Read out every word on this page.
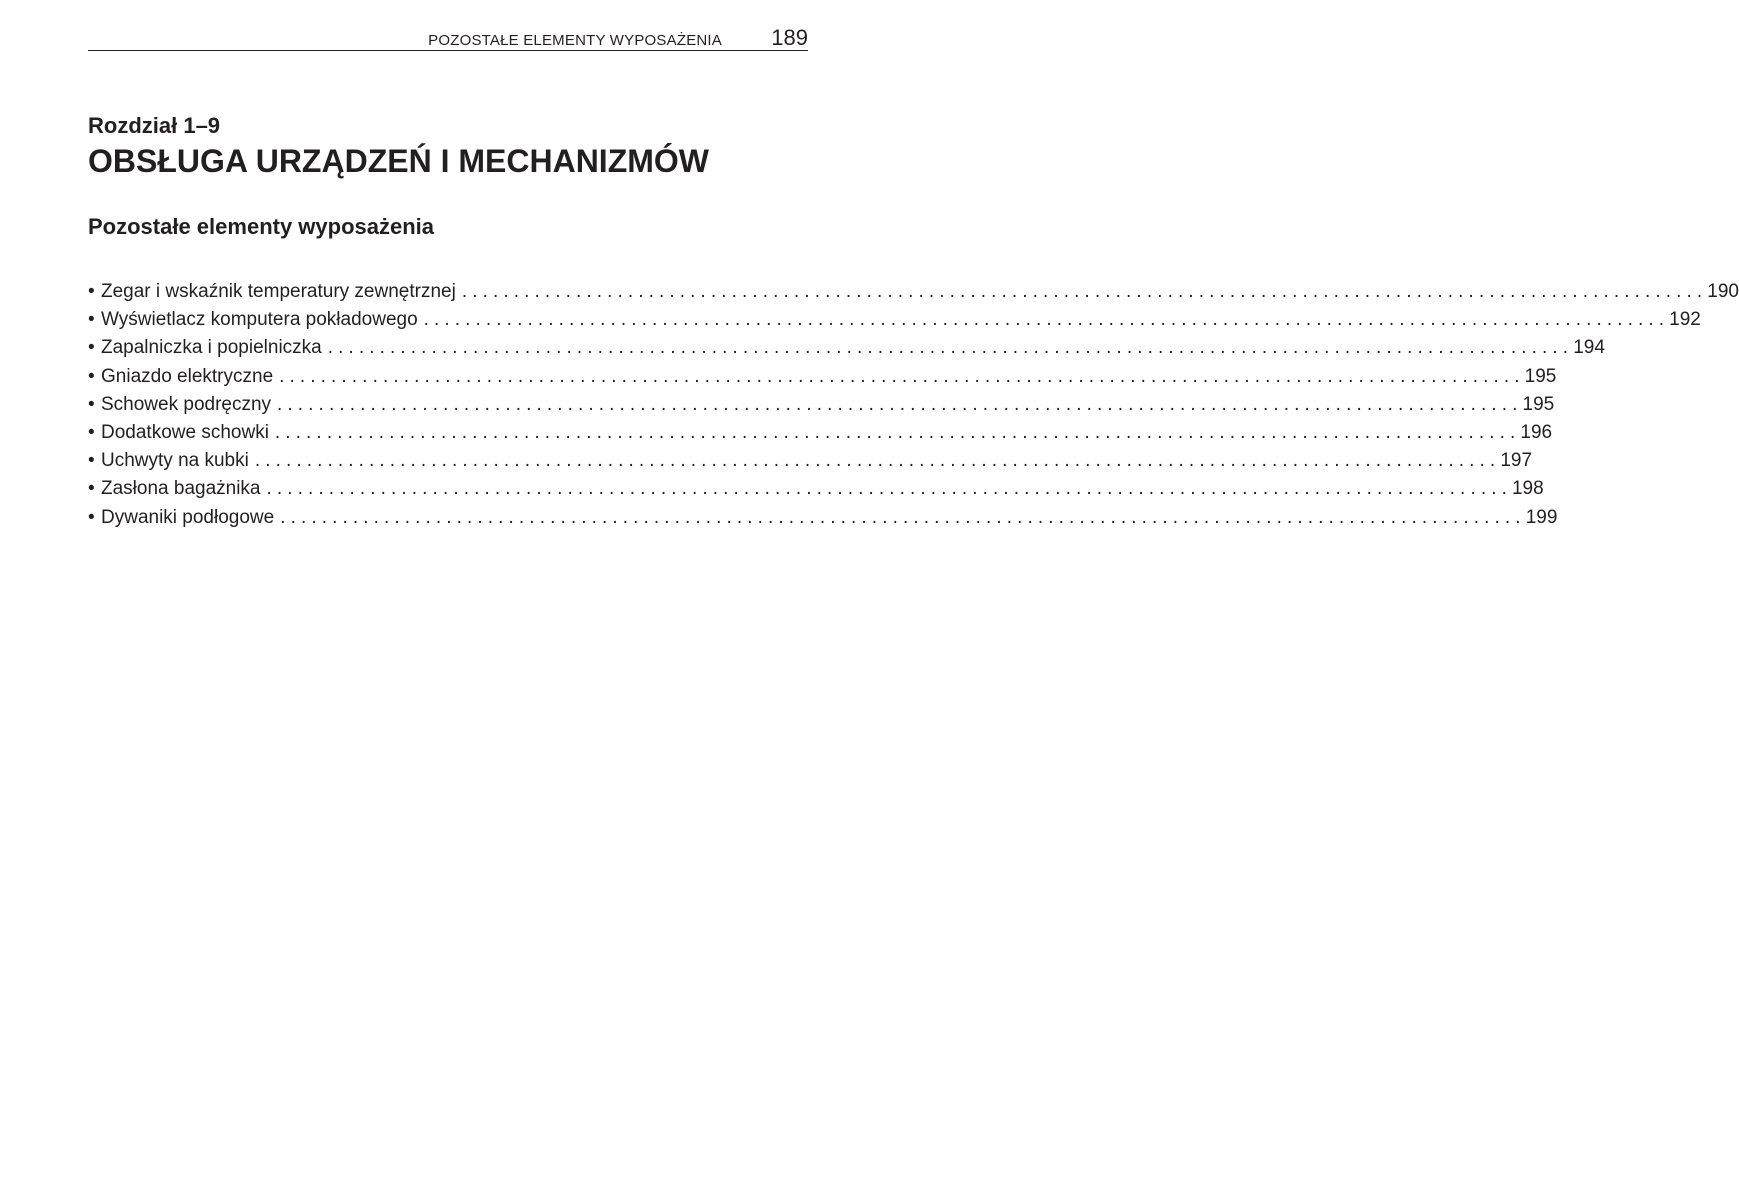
POZOSTAŁE ELEMENTY WYPOSAŻENIA 189
Rozdział 1–9
OBSŁUGA URZĄDZEŃ I MECHANIZMÓW
Pozostałe elementy wyposażenia
• Zegar i wskaźnik temperatury zewnętrznej ........................................................................................................................ 190
• Wyświetlacz komputera pokładowego ........................................................................................................................ 192
• Zapalniczka i popielniczka ........................................................................................................................ 194
• Gniazdo elektryczne ........................................................................................................................ 195
• Schowek podręczny ........................................................................................................................ 195
• Dodatkowe schowki ........................................................................................................................ 196
• Uchwyty na kubki ........................................................................................................................ 197
• Zasłona bagażnika ........................................................................................................................ 198
• Dywaniki podłogowe ........................................................................................................................ 199
